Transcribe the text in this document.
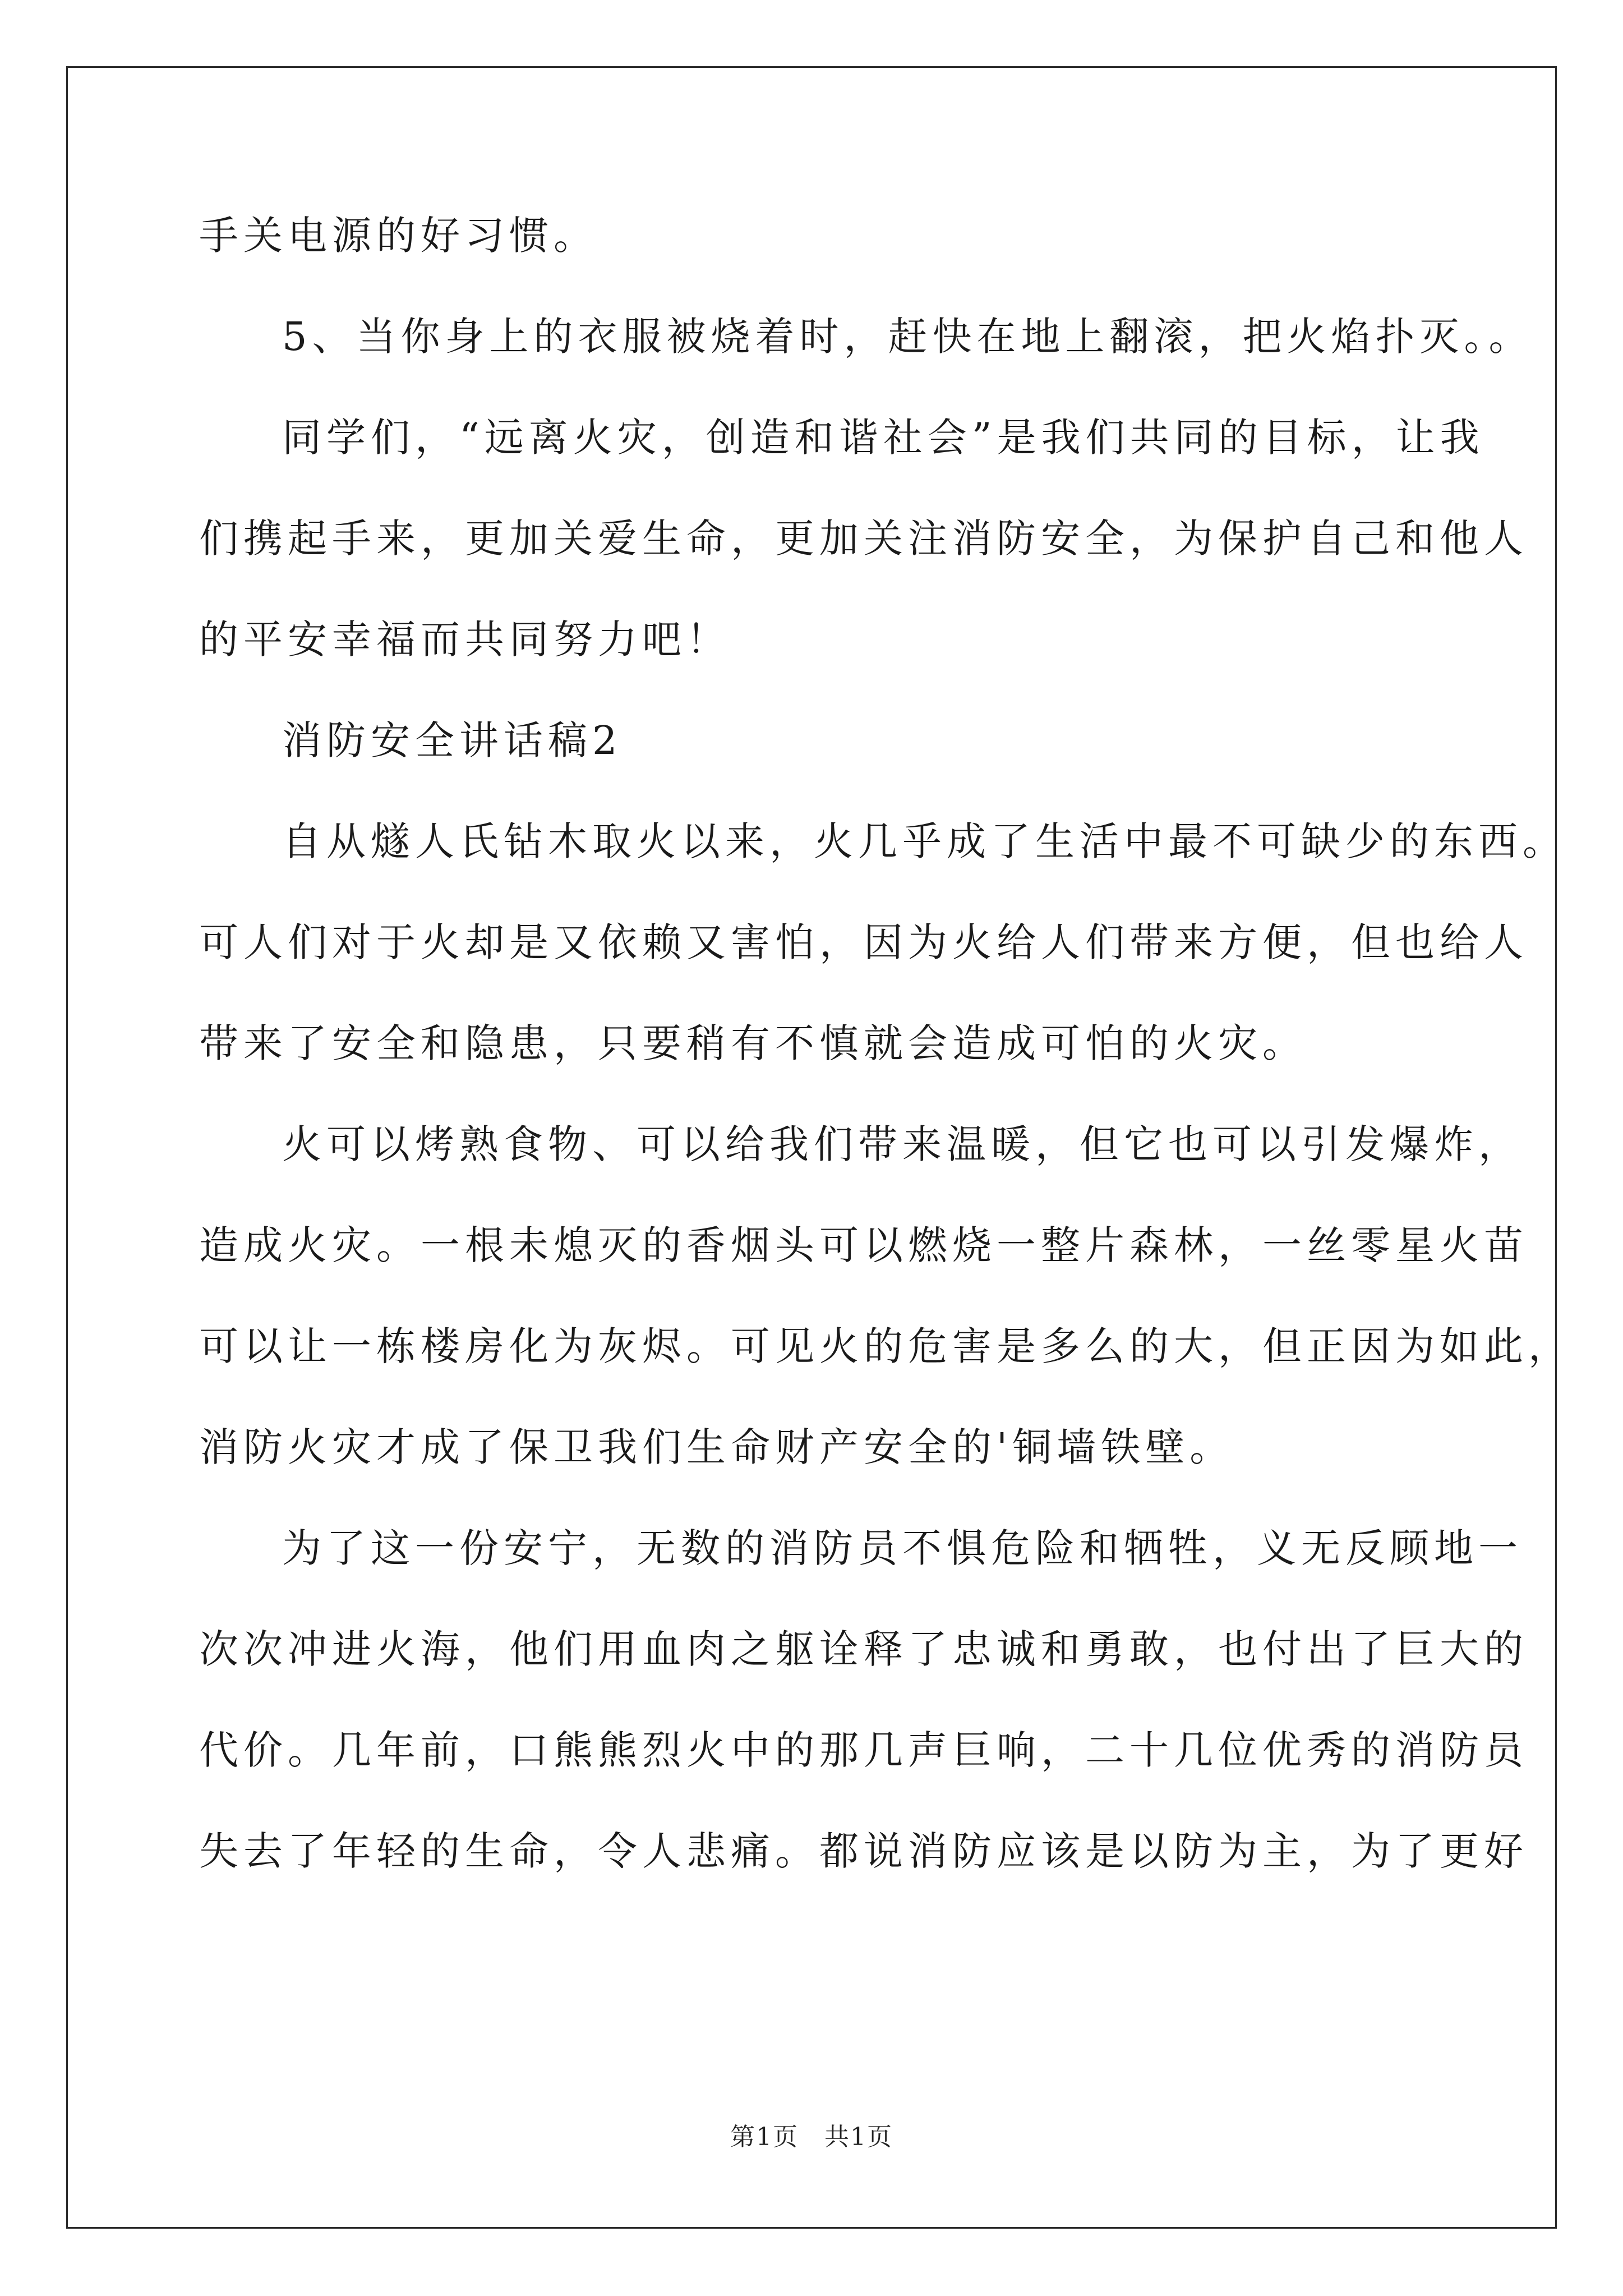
手关电源的好习惯。
5、当你身上的衣服被烧着时，赶快在地上翻滚，把火焰扑灭。。
同学们，“远离火灾，创造和谐社会”是我们共同的目标，让我
们携起手来，更加关爱生命，更加关注消防安全，为保护自己和他人
的平安幸福而共同努力吧！
消防安全讲话稿2
自从燧人氏钻木取火以来，火几乎成了生活中最不可缺少的东西。
可人们对于火却是又依赖又害怕，因为火给人们带来方便，但也给人
带来了安全和隐患，只要稍有不慎就会造成可怕的火灾。
火可以烤熟食物、可以给我们带来温暖，但它也可以引发爆炸，
造成火灾。一根未熄灭的香烟头可以燃烧一整片森林，一丝零星火苗
可以让一栋楼房化为灰烬。可见火的危害是多么的大，但正因为如此，
消防火灾才成了保卫我们生命财产安全的'铜墙铁壁。
为了这一份安宁，无数的消防员不惧危险和牺牲，义无反顾地一
次次冲进火海，他们用血肉之躯诠释了忠诚和勇敢，也付出了巨大的
代价。几年前，口熊熊烈火中的那几声巨响，二十几位优秀的消防员
失去了年轻的生命，令人悲痛。都说消防应该是以防为主，为了更好
第1页　共1页
